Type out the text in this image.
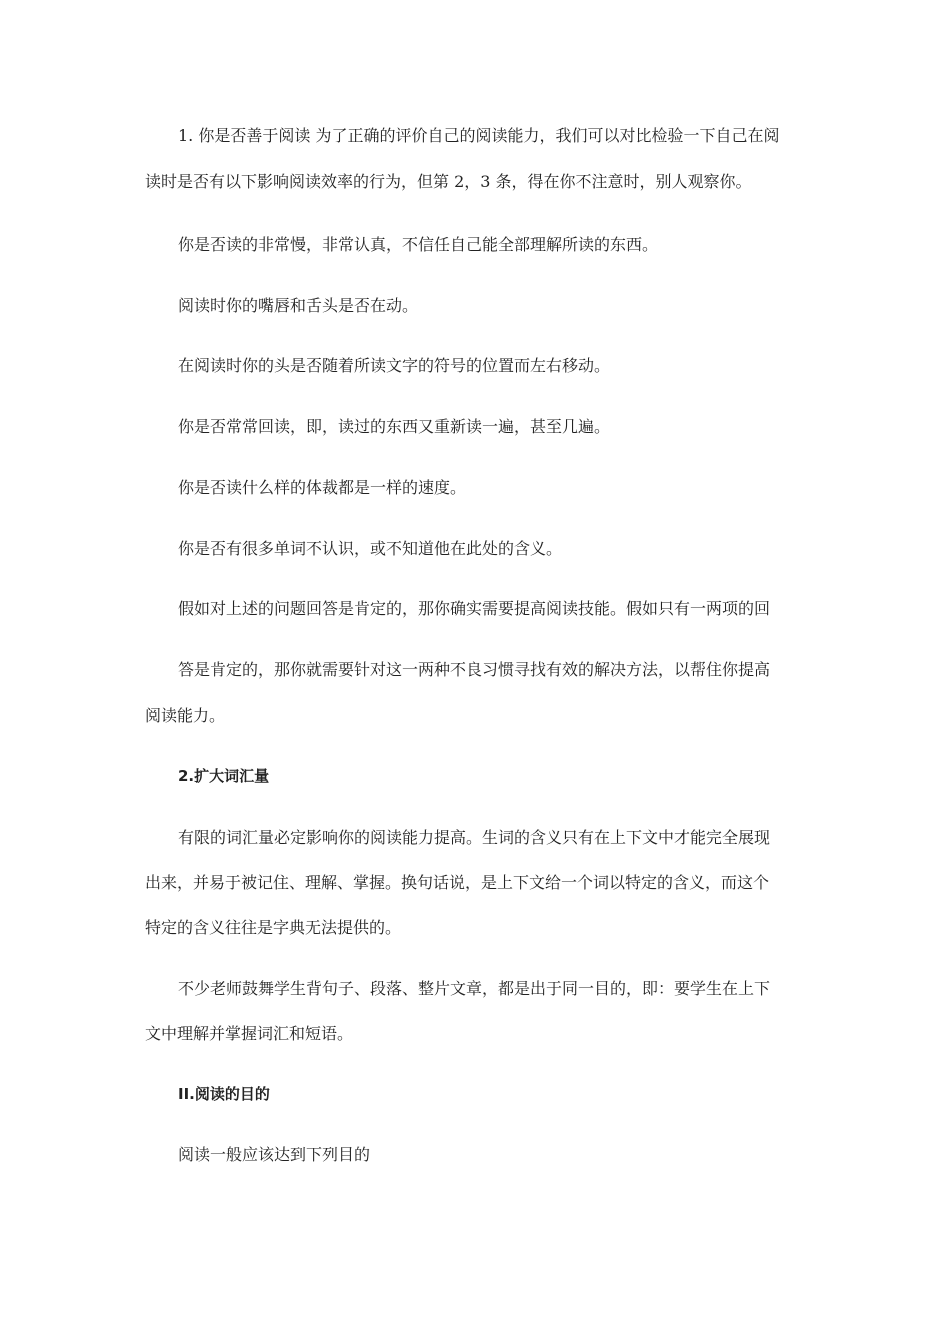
1. 你是否善于阅读 为了正确的评价自己的阅读能力，我们可以对比检验一下自己在阅
读时是否有以下影响阅读效率的行为，但第 2，3 条，得在你不注意时，别人观察你。
你是否读的非常慢，非常认真，不信任自己能全部理解所读的东西。
阅读时你的嘴唇和舌头是否在动。
在阅读时你的头是否随着所读文字的符号的位置而左右移动。
你是否常常回读，即，读过的东西又重新读一遍，甚至几遍。
你是否读什么样的体裁都是一样的速度。
你是否有很多单词不认识，或不知道他在此处的含义。
假如对上述的问题回答是肯定的，那你确实需要提高阅读技能。假如只有一两项的回
答是肯定的，那你就需要针对这一两种不良习惯寻找有效的解决方法，以帮住你提高
阅读能力。
2.扩大词汇量
有限的词汇量必定影响你的阅读能力提高。生词的含义只有在上下文中才能完全展现
出来，并易于被记住、理解、掌握。换句话说，是上下文给一个词以特定的含义，而这个
特定的含义往往是字典无法提供的。
不少老师鼓舞学生背句子、段落、整片文章，都是出于同一目的，即：要学生在上下
文中理解并掌握词汇和短语。
II.阅读的目的
阅读一般应该达到下列目的
